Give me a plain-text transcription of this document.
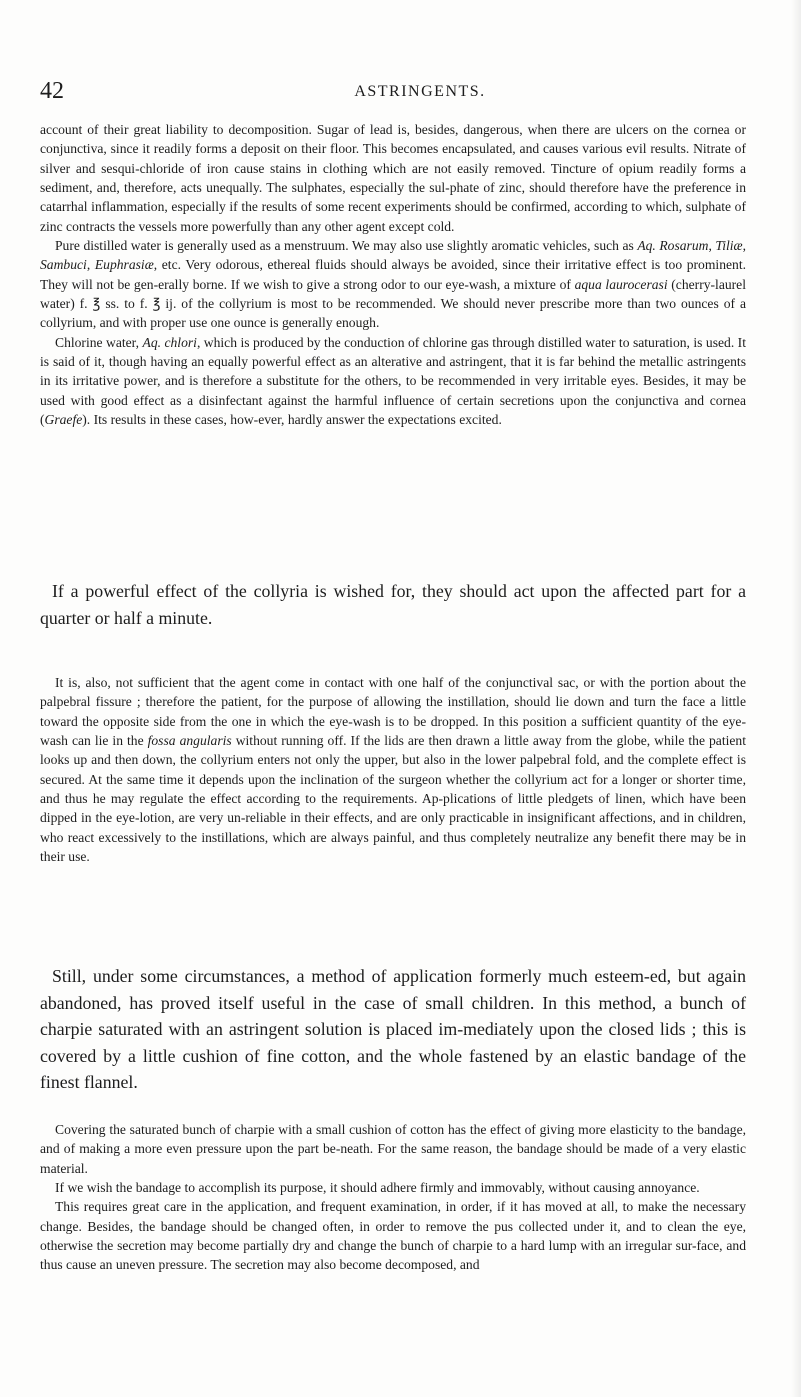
42	ASTRINGENTS.

account of their great liability to decomposition. Sugar of lead is, besides, dangerous, when there are ulcers on the cornea or conjunctiva, since it readily forms a deposit on their floor. This becomes encapsulated, and causes various evil results. Nitrate of silver and sesqui-chloride of iron cause stains in clothing which are not easily removed. Tincture of opium readily forms a sediment, and, therefore, acts unequally. The sulphates, especially the sul-phate of zinc, should therefore have the preference in catarrhal inflammation, especially if the results of some recent experiments should be confirmed, according to which, sulphate of zinc contracts the vessels more powerfully than any other agent except cold.

Pure distilled water is generally used as a menstruum. We may also use slightly aromatic vehicles, such as Aq. Rosarum, Tiliæ, Sambuci, Euphrasiæ, etc. Very odorous, ethereal fluids should always be avoided, since their irritative effect is too prominent. They will not be gen-erally borne. If we wish to give a strong odor to our eye-wash, a mixture of aqua laurocerasi (cherry-laurel water) f. ℥ ss. to f. ℥ ij. of the collyrium is most to be recommended. We should never prescribe more than two ounces of a collyrium, and with proper use one ounce is generally enough.

Chlorine water, Aq. chlori, which is produced by the conduction of chlorine gas through distilled water to saturation, is used. It is said of it, though having an equally powerful effect as an alterative and astringent, that it is far behind the metallic astringents in its irritative power, and is therefore a substitute for the others, to be recommended in very irritable eyes. Besides, it may be used with good effect as a disinfectant against the harmful influence of certain secretions upon the conjunctiva and cornea (Graefe). Its results in these cases, how-ever, hardly answer the expectations excited.

If a powerful effect of the collyria is wished for, they should act upon the affected part for a quarter or half a minute.

It is, also, not sufficient that the agent come in contact with one half of the conjunctival sac, or with the portion about the palpebral fissure ; therefore the patient, for the purpose of allowing the instillation, should lie down and turn the face a little toward the opposite side from the one in which the eye-wash is to be dropped. In this position a sufficient quantity of the eye-wash can lie in the fossa angularis without running off. If the lids are then drawn a little away from the globe, while the patient looks up and then down, the collyrium enters not only the upper, but also in the lower palpebral fold, and the complete effect is secured. At the same time it depends upon the inclination of the surgeon whether the collyrium act for a longer or shorter time, and thus he may regulate the effect according to the requirements. Ap-plications of little pledgets of linen, which have been dipped in the eye-lotion, are very un-reliable in their effects, and are only practicable in insignificant affections, and in children, who react excessively to the instillations, which are always painful, and thus completely neutralize any benefit there may be in their use.

Still, under some circumstances, a method of application formerly much esteem-ed, but again abandoned, has proved itself useful in the case of small children. In this method, a bunch of charpie saturated with an astringent solution is placed im-mediately upon the closed lids ; this is covered by a little cushion of fine cotton, and the whole fastened by an elastic bandage of the finest flannel.

Covering the saturated bunch of charpie with a small cushion of cotton has the effect of giving more elasticity to the bandage, and of making a more even pressure upon the part be-neath. For the same reason, the bandage should be made of a very elastic material.

If we wish the bandage to accomplish its purpose, it should adhere firmly and immovably, without causing annoyance.

This requires great care in the application, and frequent examination, in order, if it has moved at all, to make the necessary change. Besides, the bandage should be changed often, in order to remove the pus collected under it, and to clean the eye, otherwise the secretion may become partially dry and change the bunch of charpie to a hard lump with an irregular sur-face, and thus cause an uneven pressure. The secretion may also become decomposed, and
